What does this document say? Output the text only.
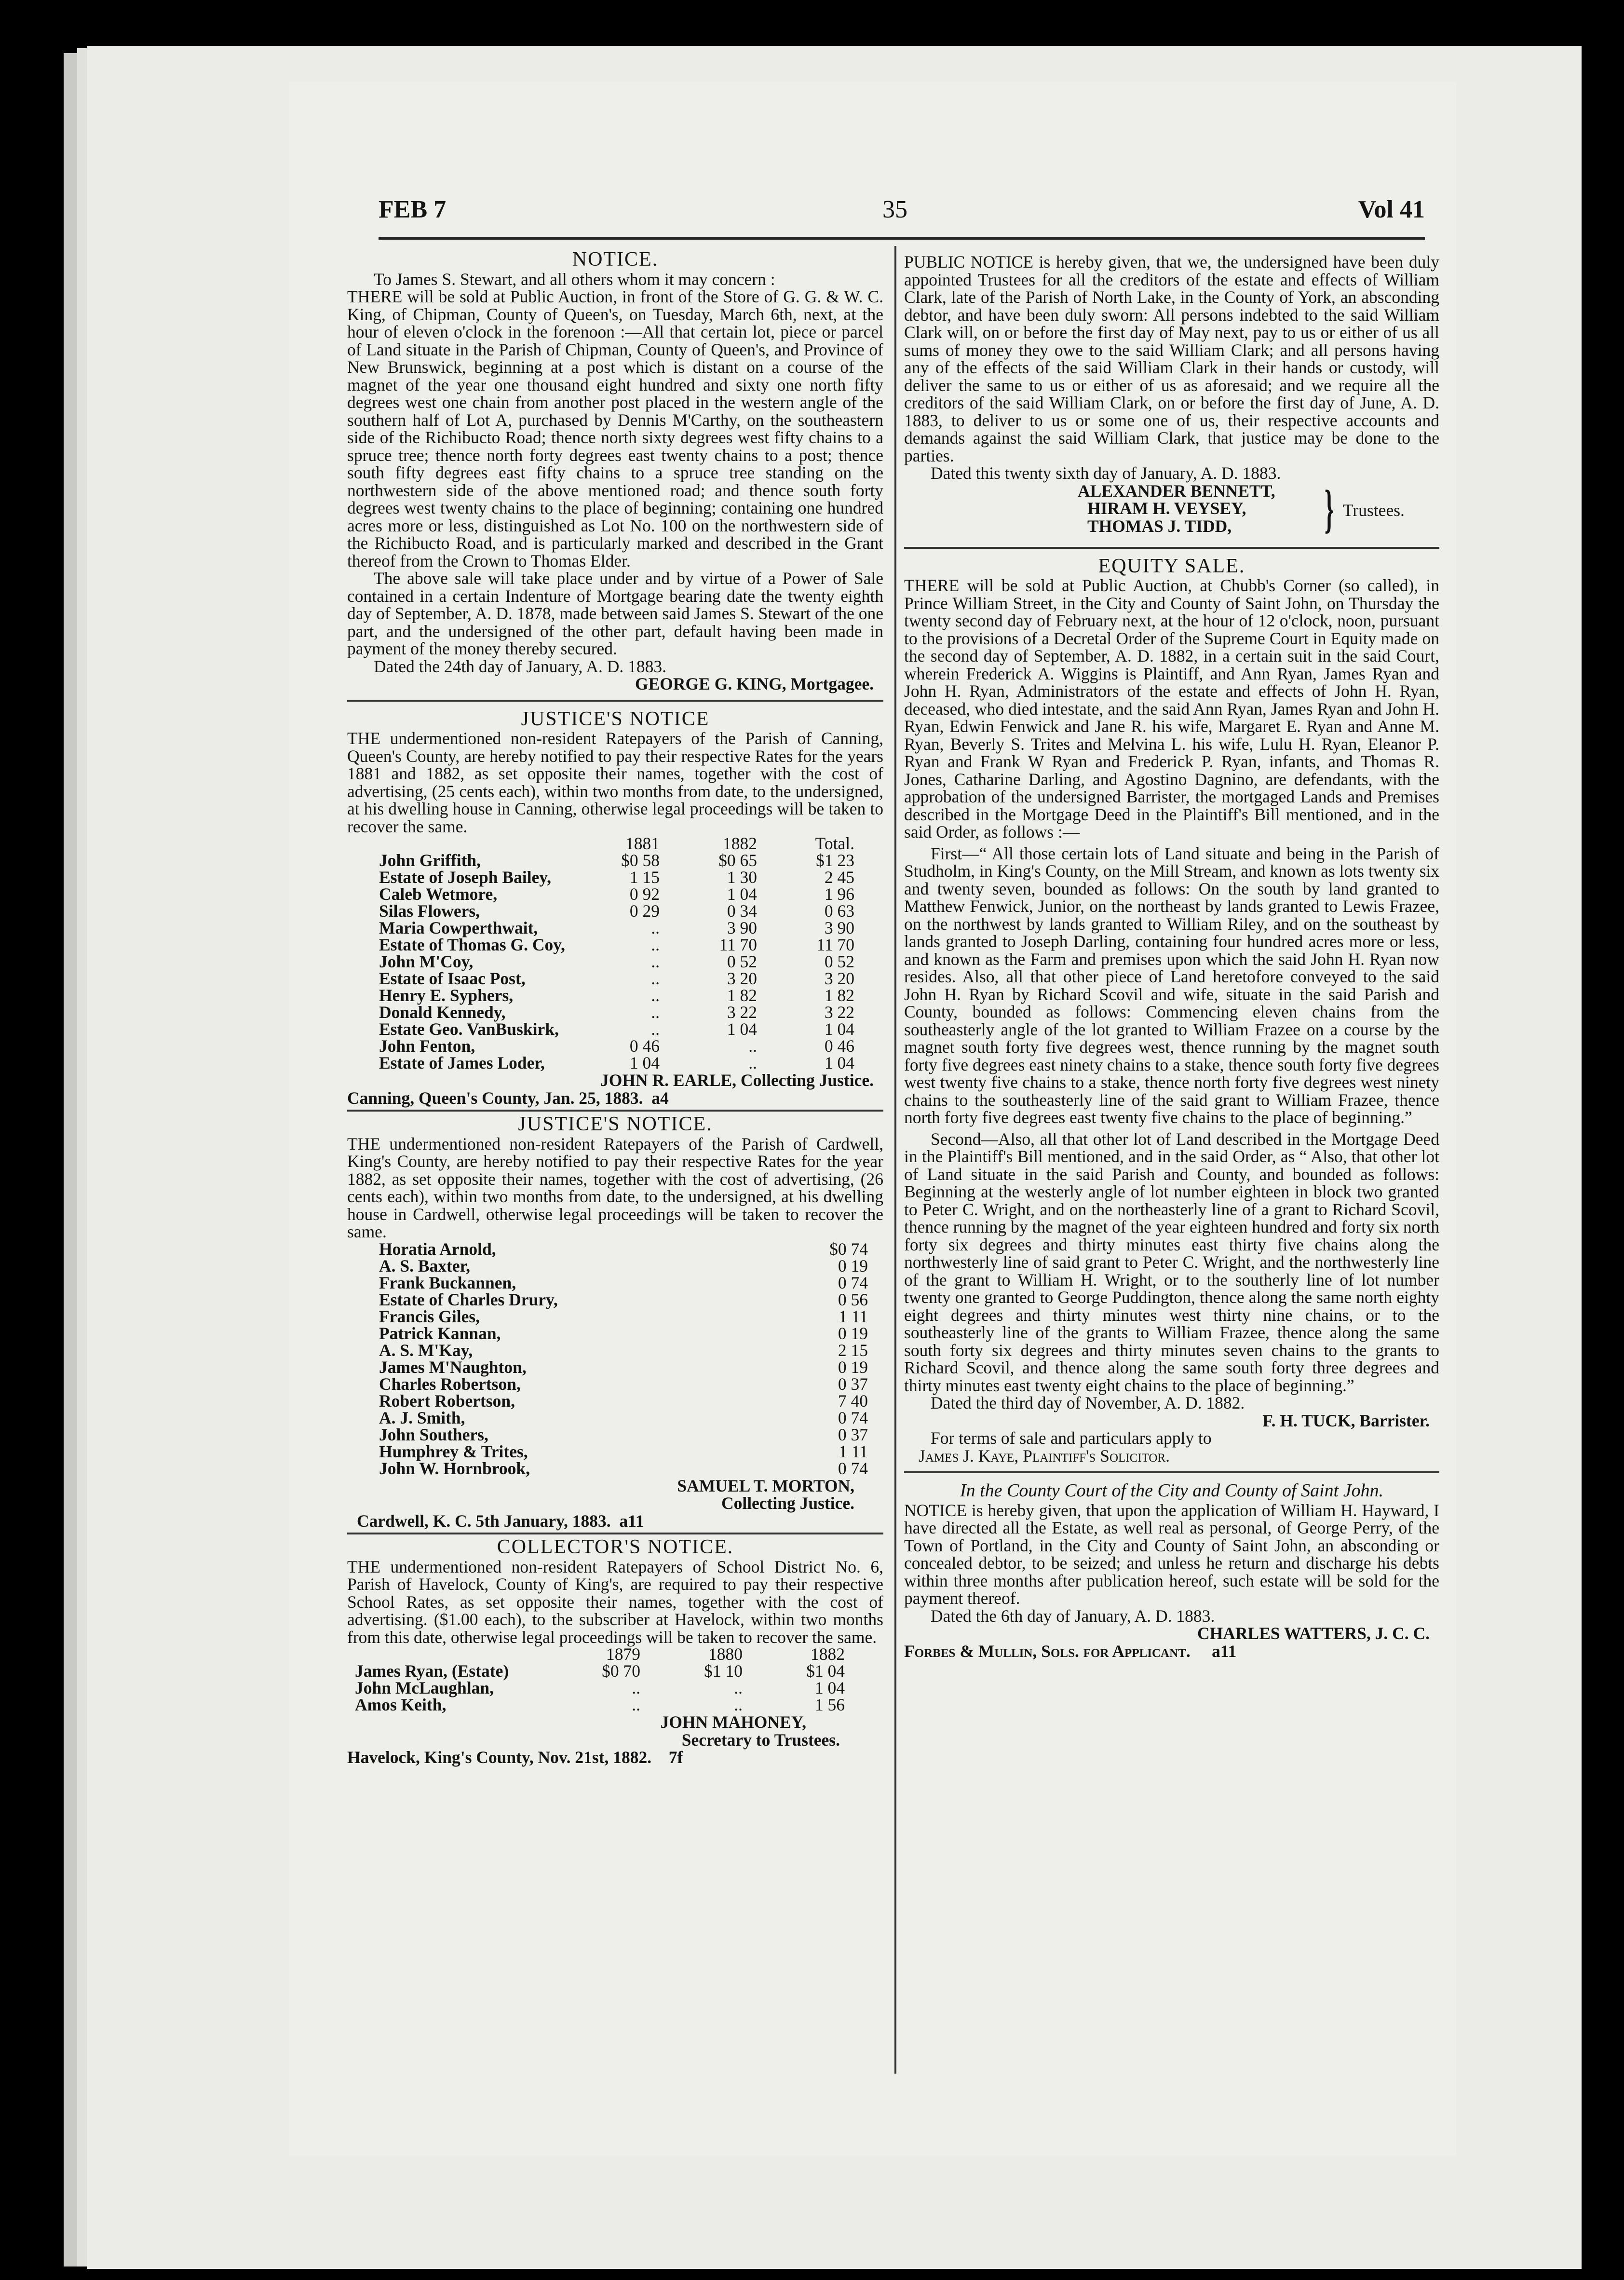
FEB 7	35	Vol 41
NOTICE.

To James S. Stewart, and all others whom it may concern :

THERE will be sold at Public Auction, in front of the Store of G. G. & W. C. King, of Chipman, County of Queen's, on Tuesday, March 6th, next, at the hour of eleven o'clock in the forenoon :—All that certain lot, piece or parcel of Land situate in the Parish of Chipman, County of Queen's, and Province of New Brunswick, beginning at a post which is distant on a course of the magnet of the year one thousand eight hundred and sixty one north fifty degrees west one chain from another post placed in the western angle of the southern half of Lot A, purchased by Dennis M'Carthy, on the southeastern side of the Richibucto Road; thence north sixty degrees west fifty chains to a spruce tree; thence north forty degrees east twenty chains to a post; thence south fifty degrees east fifty chains to a spruce tree standing on the northwestern side of the above mentioned road; and thence south forty degrees west twenty chains to the place of beginning; containing one hundred acres more or less, distinguished as Lot No. 100 on the northwestern side of the Richibucto Road, and is particularly marked and described in the Grant thereof from the Crown to Thomas Elder.

The above sale will take place under and by virtue of a Power of Sale contained in a certain Indenture of Mortgage bearing date the twenty eighth day of September, A. D. 1878, made between said James S. Stewart of the one part, and the undersigned of the other part, default having been made in payment of the money thereby secured.

Dated the 24th day of January, A. D. 1883.

GEORGE G. KING, Mortgagee.
JUSTICE'S NOTICE

THE undermentioned non-resident Ratepayers of the Parish of Canning, Queen's County, are hereby notified to pay their respective Rates for the years 1881 and 1882, as set opposite their names, together with the cost of advertising, (25 cents each), within two months from date, to the undersigned, at his dwelling house in Canning, otherwise legal proceedings will be taken to recover the same.

	1881	1882	Total.
John Griffith,	$0 58	$0 65	$1 23
Estate of Joseph Bailey,	1 15	1 30	2 45
Caleb Wetmore,	0 92	1 04	1 96
Silas Flowers,	0 29	0 34	0 63
Maria Cowperthwait,	..	3 90	3 90
Estate of Thomas G. Coy,	..	11 70	11 70
John M'Coy,	..	0 52	0 52
Estate of Isaac Post,	..	3 20	3 20
Henry E. Syphers,	..	1 82	1 82
Donald Kennedy,	..	3 22	3 22
Estate Geo. VanBuskirk,	..	1 04	1 04
John Fenton,	0 46	..	0 46
Estate of James Loder,	1 04	..	1 04
JOHN R. EARLE, Collecting Justice.

Canning, Queen's County, Jan. 25, 1883. a4

JUSTICE'S NOTICE.

THE undermentioned non-resident Ratepayers of the Parish of Cardwell, King's County, are hereby notified to pay their respective Rates for the year 1882, as set opposite their names, together with the cost of advertising, (26 cents each), within two months from date, to the undersigned, at his dwelling house in Cardwell, otherwise legal proceedings will be taken to recover the same.

Horatia Arnold,		$0 74
A. S. Baxter,		0 19
Frank Buckannen,		0 74
Estate of Charles Drury,		0 56
Francis Giles,		1 11
Patrick Kannan,		0 19
A. S. M'Kay,		2 15
James M'Naughton,		0 19
Charles Robertson,		0 37
Robert Robertson,		7 40
A. J. Smith,		0 74
John Southers,		0 37
Humphrey & Trites,		1 11
John W. Hornbrook,		0 74
SAMUEL T. MORTON,
Collecting Justice.

Cardwell, K. C. 5th January, 1883. a11

COLLECTOR'S NOTICE.

THE undermentioned non-resident Ratepayers of School District No. 6, Parish of Havelock, County of King's, are required to pay their respective School Rates, as set opposite their names, together with the cost of advertising. ($1.00 each), to the subscriber at Havelock, within two months from this date, otherwise legal proceedings will be taken to recover the same.

	1879	1880	1882
James Ryan, (Estate)	$0 70	$1 10	$1 04
John McLaughlan,	..	..	1 04
Amos Keith,	..	..	1 56
JOHN MAHONEY,
Secretary to Trustees.

Havelock, King's County, Nov. 21st, 1882. 7f

PUBLIC NOTICE is hereby given, that we, the undersigned have been duly appointed Trustees for all the creditors of the estate and effects of William Clark, late of the Parish of North Lake, in the County of York, an absconding debtor, and have been duly sworn: All persons indebted to the said William Clark will, on or before the first day of May next, pay to us or either of us all sums of money they owe to the said William Clark; and all persons having any of the effects of the said William Clark in their hands or custody, will deliver the same to us or either of us as aforesaid; and we require all the creditors of the said William Clark, on or before the first day of June, A. D. 1883, to deliver to us or some one of us, their respective accounts and demands against the said William Clark, that justice may be done to the parties.

Dated this twenty sixth day of January, A. D. 1883.

ALEXANDER BENNETT,
HIRAM H. VEYSEY,
THOMAS J. TIDD,	} Trustees.
EQUITY SALE.

THERE will be sold at Public Auction, at Chubb's Corner (so called), in Prince William Street, in the City and County of Saint John, on Thursday the twenty second day of February next, at the hour of 12 o'clock, noon, pursuant to the provisions of a Decretal Order of the Supreme Court in Equity made on the second day of September, A. D. 1882, in a certain suit in the said Court, wherein Frederick A. Wiggins is Plaintiff, and Ann Ryan, James Ryan and John H. Ryan, Administrators of the estate and effects of John H. Ryan, deceased, who died intestate, and the said Ann Ryan, James Ryan and John H. Ryan, Edwin Fenwick and Jane R. his wife, Margaret E. Ryan and Anne M. Ryan, Beverly S. Trites and Melvina L. his wife, Lulu H. Ryan, Eleanor P. Ryan and Frank W Ryan and Frederick P. Ryan, infants, and Thomas R. Jones, Catharine Darling, and Agostino Dagnino, are defendants, with the approbation of the undersigned Barrister, the mortgaged Lands and Premises described in the Mortgage Deed in the Plaintiff's Bill mentioned, and in the said Order, as follows :—

First—“ All those certain lots of Land situate and being in the Parish of Studholm, in King's County, on the Mill Stream, and known as lots twenty six and twenty seven, bounded as follows: On the south by land granted to Matthew Fenwick, Junior, on the northeast by lands granted to Lewis Frazee, on the northwest by lands granted to William Riley, and on the southeast by lands granted to Joseph Darling, containing four hundred acres more or less, and known as the Farm and premises upon which the said John H. Ryan now resides. Also, all that other piece of Land heretofore conveyed to the said John H. Ryan by Richard Scovil and wife, situate in the said Parish and County, bounded as follows: Commencing eleven chains from the southeasterly angle of the lot granted to William Frazee on a course by the magnet south forty five degrees west, thence running by the magnet south forty five degrees east ninety chains to a stake, thence south forty five degrees west twenty five chains to a stake, thence north forty five degrees west ninety chains to the southeasterly line of the said grant to William Frazee, thence north forty five degrees east twenty five chains to the place of beginning.”

Second—Also, all that other lot of Land described in the Mortgage Deed in the Plaintiff's Bill mentioned, and in the said Order, as “ Also, that other lot of Land situate in the said Parish and County, and bounded as follows: Beginning at the westerly angle of lot number eighteen in block two granted to Peter C. Wright, and on the northeasterly line of a grant to Richard Scovil, thence running by the magnet of the year eighteen hundred and forty six north forty six degrees and thirty minutes east thirty five chains along the northwesterly line of said grant to Peter C. Wright, and the northwesterly line of the grant to William H. Wright, or to the southerly line of lot number twenty one granted to George Puddington, thence along the same north eighty eight degrees and thirty minutes west thirty nine chains, or to the southeasterly line of the grants to William Frazee, thence along the same south forty six degrees and thirty minutes seven chains to the grants to Richard Scovil, and thence along the same south forty three degrees and thirty minutes east twenty eight chains to the place of beginning.”

Dated the third day of November, A. D. 1882.

F. H. TUCK, Barrister.

For terms of sale and particulars apply to

James J. Kaye, Plaintiff's Solicitor.

In the County Court of the City and County of Saint John.

NOTICE is hereby given, that upon the application of William H. Hayward, I have directed all the Estate, as well real as personal, of George Perry, of the Town of Portland, in the City and County of Saint John, an absconding or concealed debtor, to be seized; and unless he return and discharge his debts within three months after publication hereof, such estate will be sold for the payment thereof.

Dated the 6th day of January, A. D. 1883.

CHARLES WATTERS, J. C. C.

Forbes & Mullin, Sols. for Applicant. a11
